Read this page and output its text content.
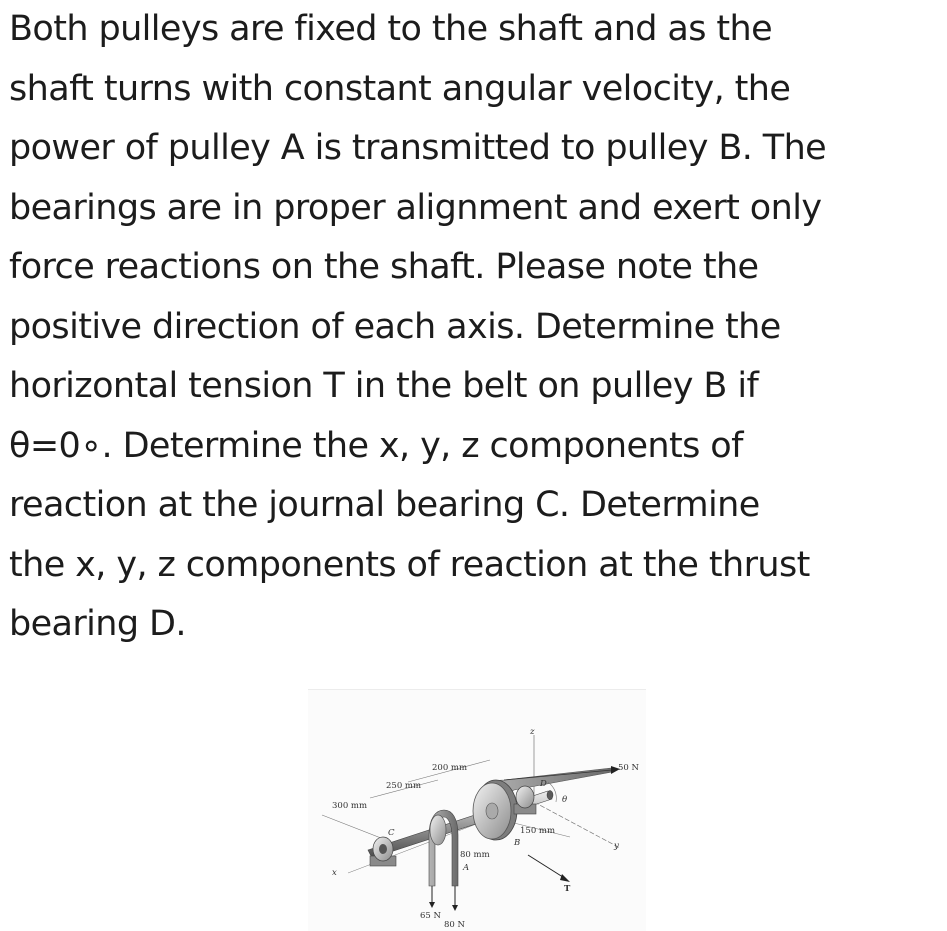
Both pulleys are fixed to the shaft and as the
shaft turns with constant angular velocity, the
power of pulley A is transmitted to pulley B. The
bearings are in proper alignment and exert only
force reactions on the shaft. Please note the
positive direction of each axis. Determine the
horizontal tension T in the belt on pulley B if
θ=0∘. Determine the x, y, z components of
reaction at the journal bearing C. Determine
the x, y, z components of reaction at the thrust
bearing D.
200 mm
250 mm
300 mm
150 mm
80 mm
50 N
65 N
80 N
T
θ
x
y
z
A
B
C
D
